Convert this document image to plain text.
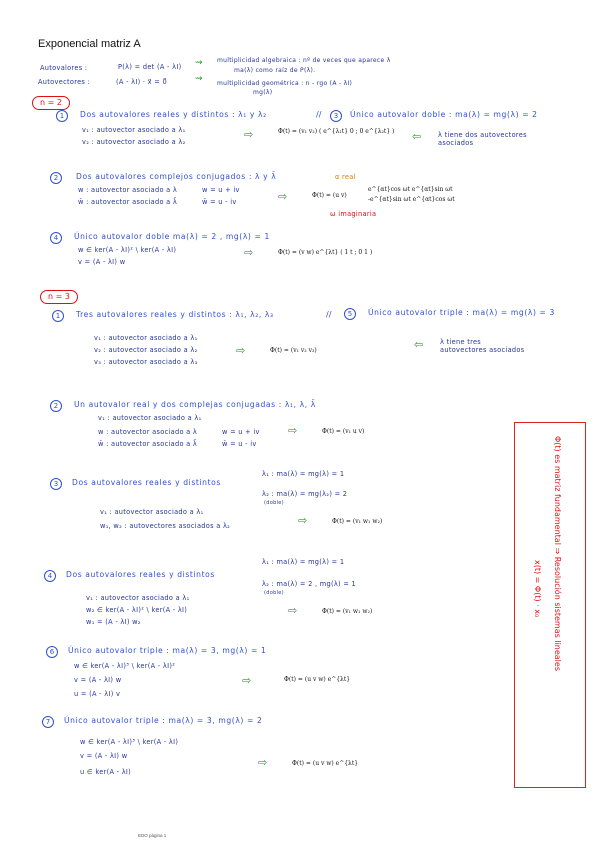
Exponencial matriz A
Autovalores :	P(λ) = det (A - λI)
Autovectores :	(A - λI) · x⃗ = 0⃗
⇝
⇝
multiplicidad algebraica : nº de veces que aparece λ
ma(λ) como raíz de P(λ).
multiplicidad geométrica : n - rgo (A - λI)
mg(λ)
n = 2
1	Dos autovalores reales y distintos : λ₁ y λ₂
v₁ : autovector asociado a λ₁
v₂ : autovector asociado a λ₂
⇨	Φ(t) = (v₁ v₂) ( e^{λ₁t} 0 ; 0 e^{λ₂t} )
//	3	Único autovalor doble : ma(λ) = mg(λ) = 2
⇦	λ tiene dos autovectores asociados
2	Dos autovalores complejos conjugados : λ y λ̄
w : autovector asociado a λ
w̄ : autovector asociado a λ̄
w = u + iv
w̄ = u - iv	⇨
α real
Φ(t) = (u v)
e^{αt}cos ωt e^{αt}sin ωt
-e^{αt}sin ωt e^{αt}cos ωt
ω imaginaria
4	Único autovalor doble ma(λ) = 2 , mg(λ) = 1
w ∈ ker(A - λI)² \ ker(A - λI)
v = (A - λI) w
⇨	Φ(t) = (v w) e^{λt} ( 1 t ; 0 1 )
n = 3
1	Tres autovalores reales y distintos : λ₁, λ₂, λ₃	//	5	Único autovalor triple : ma(λ) = mg(λ) = 3
v₁ : autovector asociado a λ₁
v₂ : autovector asociado a λ₂
v₃ : autovector asociado a λ₃
⇨	Φ(t) = (v₁ v₂ v₃)	⇦	λ tiene tres autovectores asociados
2	Un autovalor real y dos complejas conjugadas : λ₁, λ, λ̄
v₁ : autovector asociado a λ₁
w : autovector asociado a λ
w̄ : autovector asociado a λ̄
w = u + iv
w̄ = u - iv
⇨	Φ(t) = (v₁ u v)
3	Dos autovalores reales y distintos
λ₁ : ma(λ) = mg(λ) = 1
λ₂ : ma(λ) = mg(λ₂) = 2
(doble)
v₁ : autovector asociado a λ₁
w₁, w₂ : autovectores asociados a λ₂	⇨	Φ(t) = (v₁ w₁ w₂)
4	Dos autovalores reales y distintos
λ₁ : ma(λ) = mg(λ) = 1
λ₂ : ma(λ) = 2 , mg(λ) = 1
(doble)
v₁ : autovector asociado a λ₁
w₂ ∈ ker(A - λI)² \ ker(A - λI)
w₁ = (A - λI) w₂
⇨	Φ(t) = (v₁ w₁ w₂)
6	Único autovalor triple : ma(λ) = 3, mg(λ) = 1
w ∈ ker(A - λI)³ \ ker(A - λI)²
v = (A - λI) w
u = (A - λI) v
⇨	Φ(t) = (u v w) e^{λt}
7	Único autovalor triple : ma(λ) = 3, mg(λ) = 2
w ∈ ker(A - λI)³ \ ker(A - λI)
v = (A - λI) w
u ∈ ker(A - λI)
⇨	Φ(t) = (u v w) e^{λt}
Φ(t) es matriz fundamental ⇒ Resolución sistemas lineales
x(t) = Φ(t) · x₀
EDO página 1
